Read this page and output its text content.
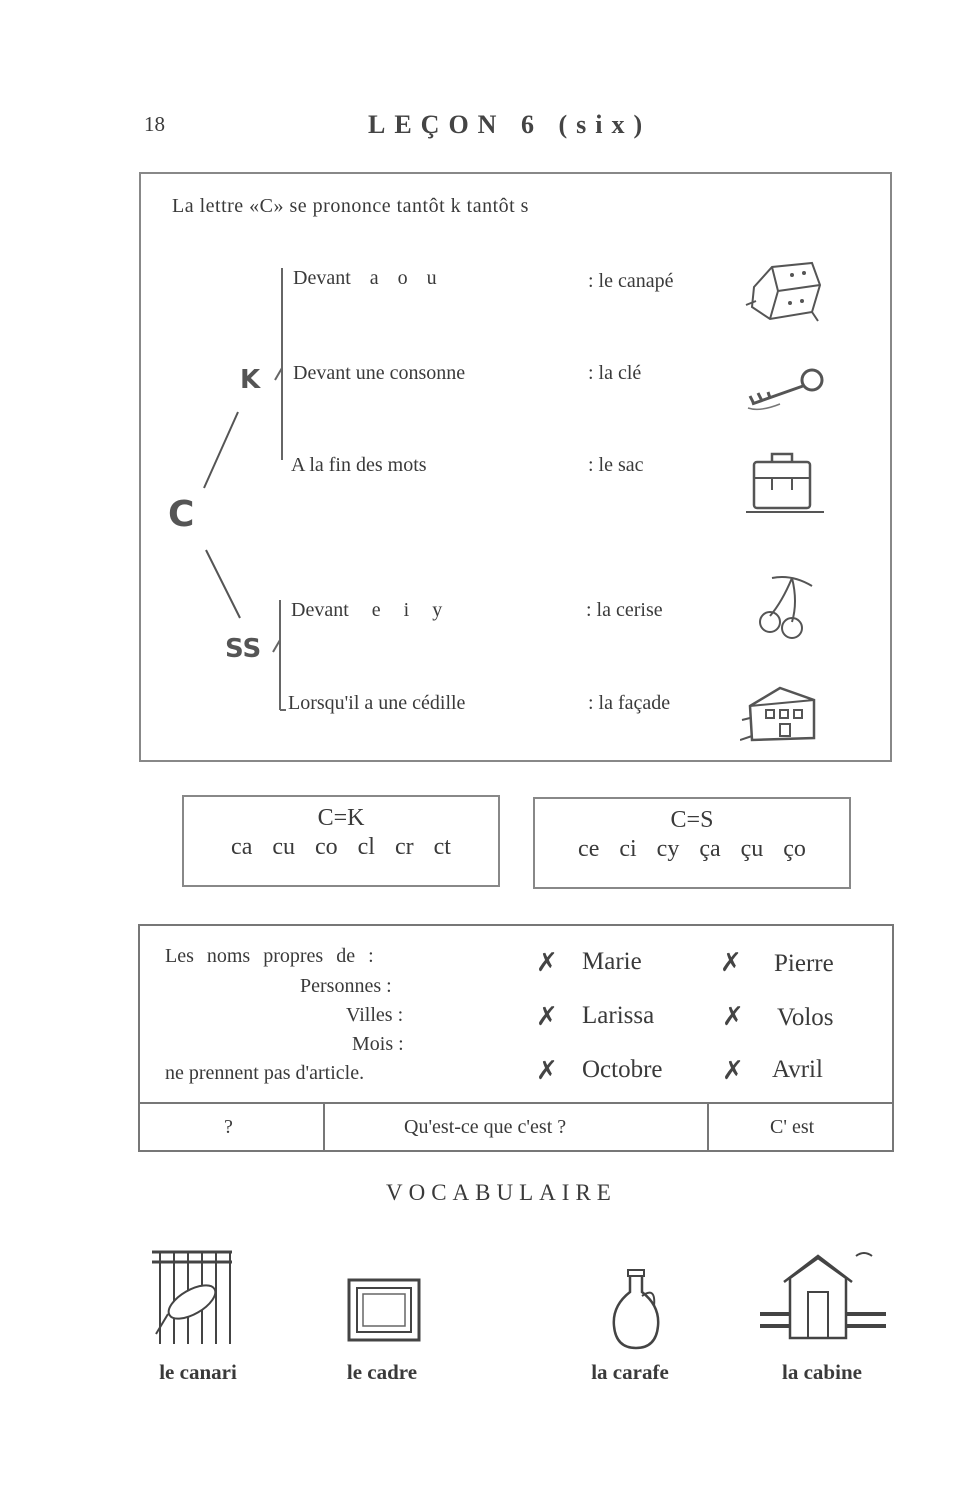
18	LEÇON 6 (six)
La lettre «C» se prononce tantôt k tantôt s
K
C
SS
Devant a o u	: le canapé
Devant une consonne	: la clé
A la fin des mots	: le sac
Devant e i y	: la cerise
Lorsqu'il a une cédille	: la façade
C=K
ca cu co cl cr ct
C=S
ce ci cy ça çu ço
Les noms propres de :
Personnes :
Villes :
Mois :
ne prennent pas d'article.
✗ Marie	✗ Pierre
✗ Larissa	✗ Volos
✗ Octobre ✗ Avril
?	Qu'est-ce que c'est ?	C' est
VOCABULAIRE
le canari	le cadre	la carafe	la cabine
